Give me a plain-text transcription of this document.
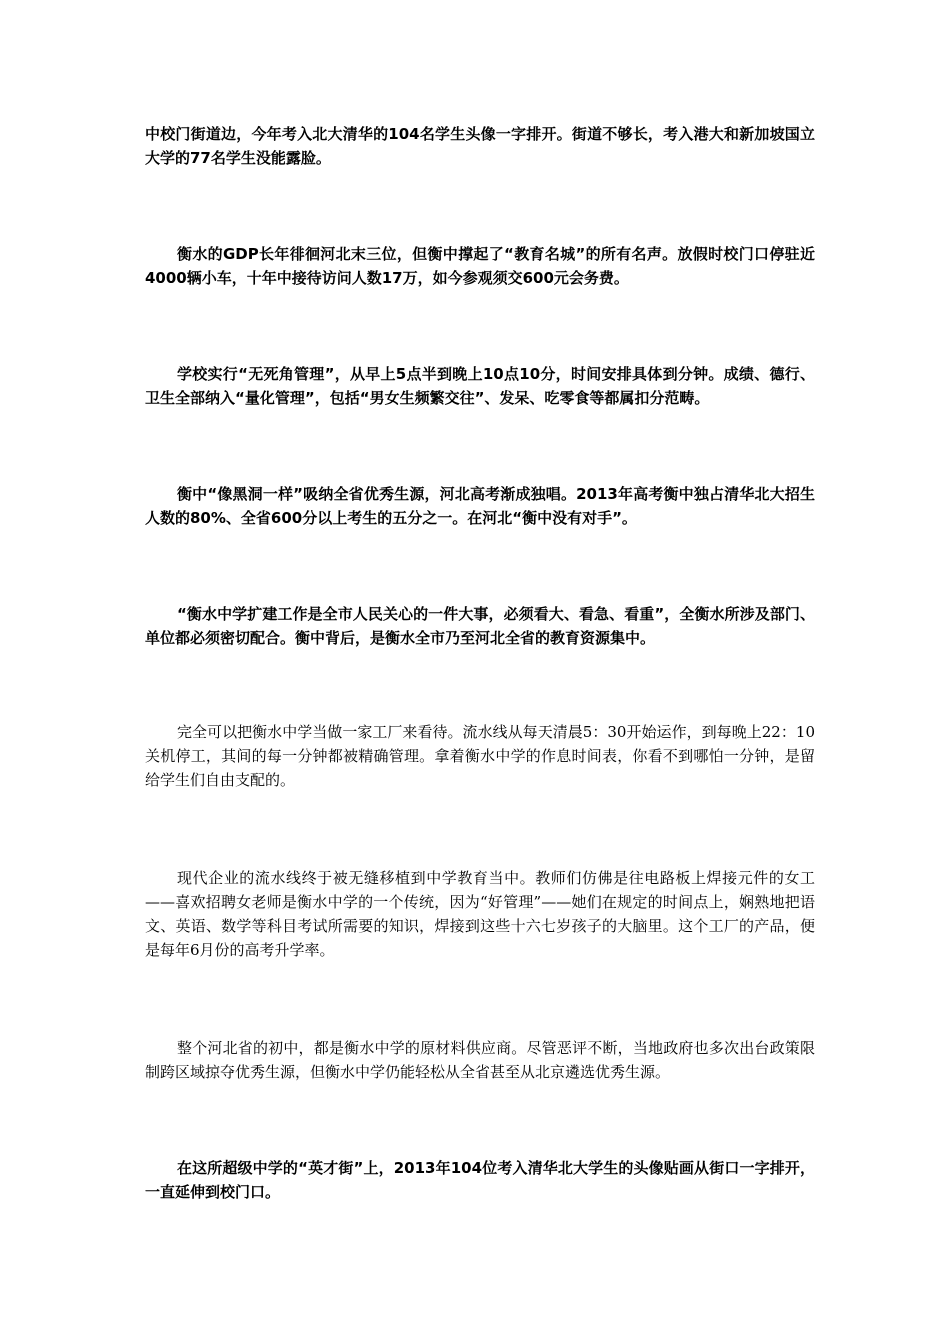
中校门街道边，今年考入北大清华的104名学生头像一字排开。街道不够长，考入港大和新加坡国立大学的77名学生没能露脸。

衡水的GDP长年徘徊河北末三位，但衡中撑起了“教育名城”的所有名声。放假时校门口停驻近4000辆小车，十年中接待访问人数17万，如今参观须交600元会务费。

学校实行“无死角管理”，从早上5点半到晚上10点10分，时间安排具体到分钟。成绩、德行、卫生全部纳入“量化管理”，包括“男女生频繁交往”、发呆、吃零食等都属扣分范畴。

衡中“像黑洞一样”吸纳全省优秀生源，河北高考渐成独唱。2013年高考衡中独占清华北大招生人数的80%、全省600分以上考生的五分之一。在河北“衡中没有对手”。

“衡水中学扩建工作是全市人民关心的一件大事，必须看大、看急、看重”，全衡水所涉及部门、单位都必须密切配合。衡中背后，是衡水全市乃至河北全省的教育资源集中。

完全可以把衡水中学当做一家工厂来看待。流水线从每天清晨5：30开始运作，到每晚上22：10关机停工，其间的每一分钟都被精确管理。拿着衡水中学的作息时间表，你看不到哪怕一分钟，是留给学生们自由支配的。

现代企业的流水线终于被无缝移植到中学教育当中。教师们仿佛是往电路板上焊接元件的女工——喜欢招聘女老师是衡水中学的一个传统，因为“好管理”——她们在规定的时间点上，娴熟地把语文、英语、数学等科目考试所需要的知识，焊接到这些十六七岁孩子的大脑里。这个工厂的产品，便是每年6月份的高考升学率。

整个河北省的初中，都是衡水中学的原材料供应商。尽管恶评不断，当地政府也多次出台政策限制跨区域掠夺优秀生源，但衡水中学仍能轻松从全省甚至从北京遴选优秀生源。

在这所超级中学的“英才街”上，2013年104位考入清华北大学生的头像贴画从街口一字排开，一直延伸到校门口。
